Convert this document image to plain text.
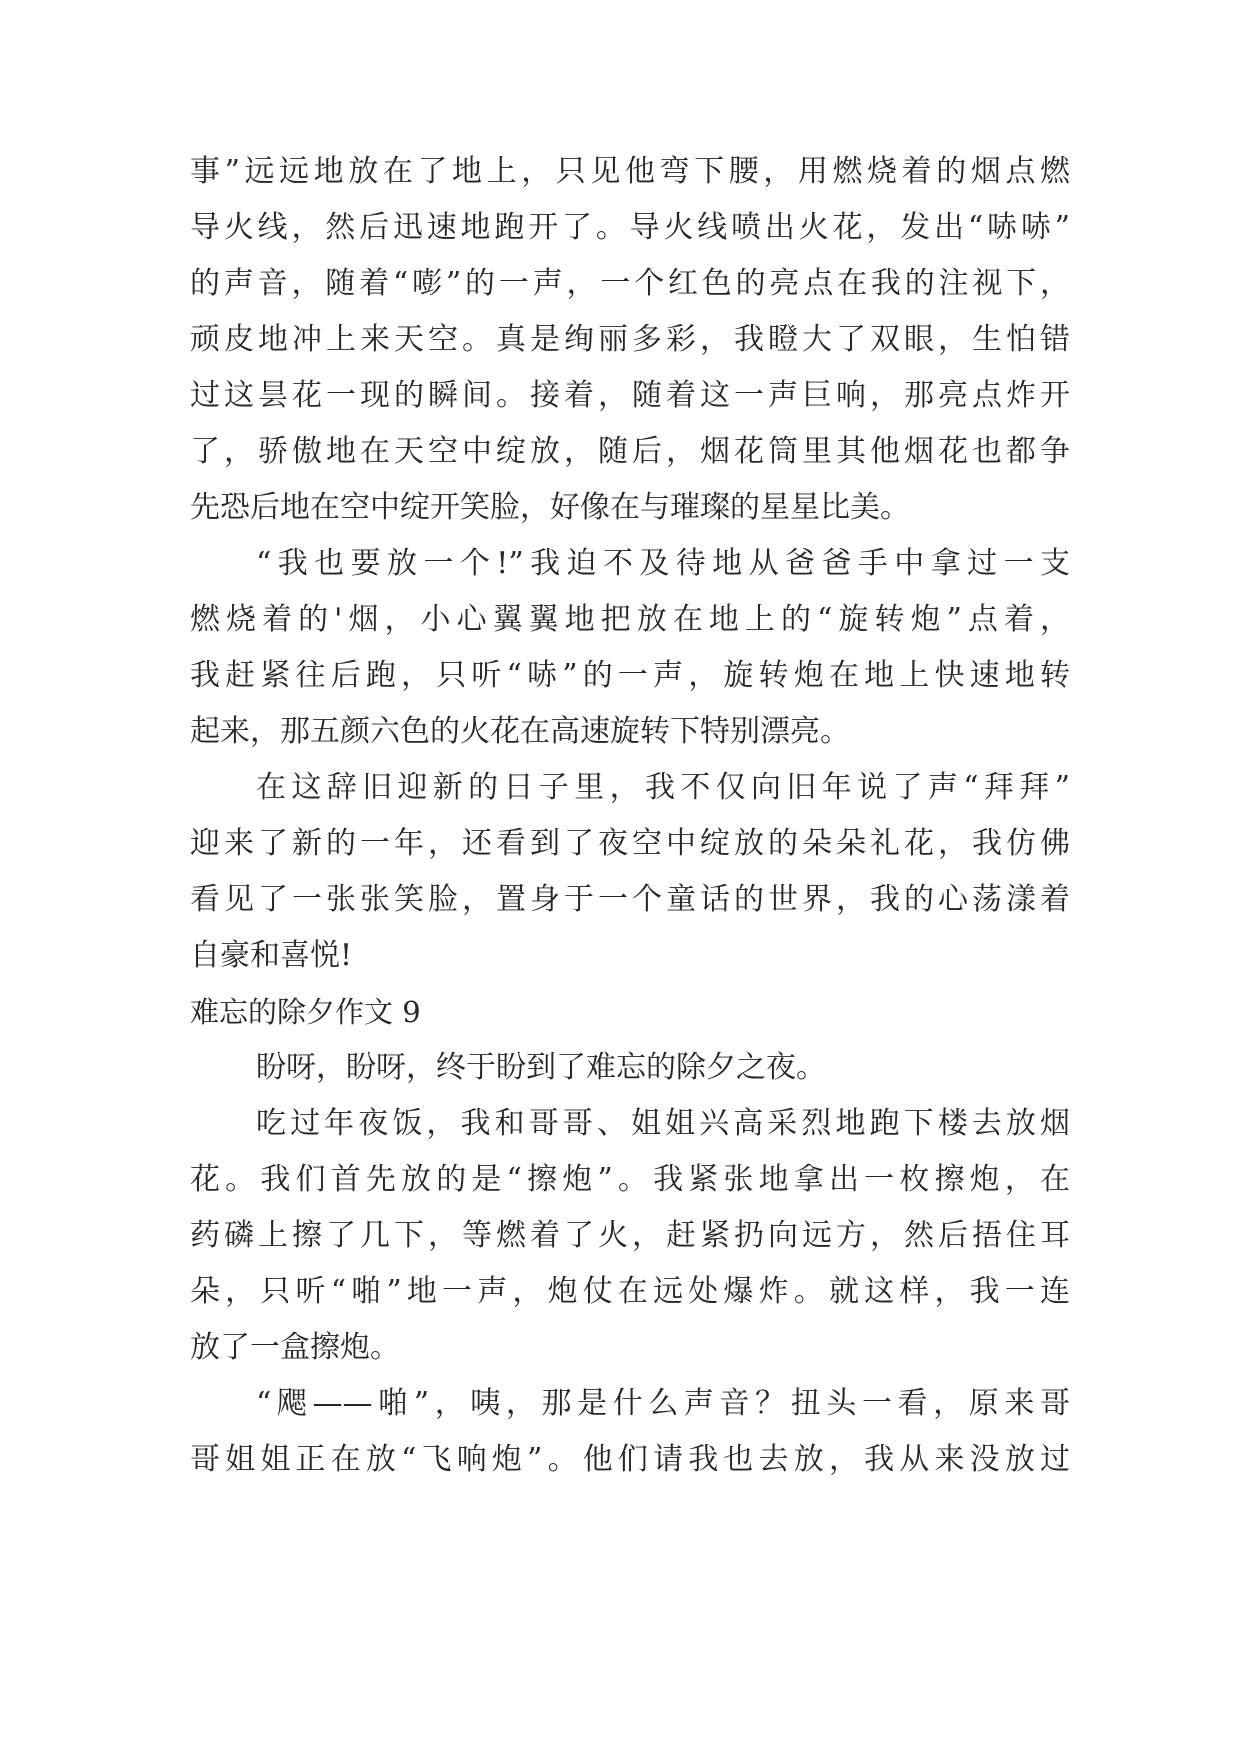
事”远远地放在了地上，只见他弯下腰，用燃烧着的烟点燃
导火线，然后迅速地跑开了。导火线喷出火花，发出“哧哧”
的声音，随着“嘭”的一声，一个红色的亮点在我的注视下，
顽皮地冲上来天空。真是绚丽多彩，我瞪大了双眼，生怕错
过这昙花一现的瞬间。接着，随着这一声巨响，那亮点炸开
了，骄傲地在天空中绽放，随后，烟花筒里其他烟花也都争
先恐后地在空中绽开笑脸，好像在与璀璨的星星比美。
“我也要放一个!”我迫不及待地从爸爸手中拿过一支
燃烧着的'烟，小心翼翼地把放在地上的“旋转炮”点着，
我赶紧往后跑，只听“哧”的一声，旋转炮在地上快速地转
起来，那五颜六色的火花在高速旋转下特别漂亮。
在这辞旧迎新的日子里，我不仅向旧年说了声“拜拜”
迎来了新的一年，还看到了夜空中绽放的朵朵礼花，我仿佛
看见了一张张笑脸，置身于一个童话的世界，我的心荡漾着
自豪和喜悦!
难忘的除夕作文 9
盼呀，盼呀，终于盼到了难忘的除夕之夜。
吃过年夜饭，我和哥哥、姐姐兴高采烈地跑下楼去放烟
花。我们首先放的是“擦炮”。我紧张地拿出一枚擦炮，在
药磷上擦了几下，等燃着了火，赶紧扔向远方，然后捂住耳
朵，只听“啪”地一声，炮仗在远处爆炸。就这样，我一连
放了一盒擦炮。
“飔——啪”，咦，那是什么声音？扭头一看，原来哥
哥姐姐正在放“飞响炮”。他们请我也去放，我从来没放过
